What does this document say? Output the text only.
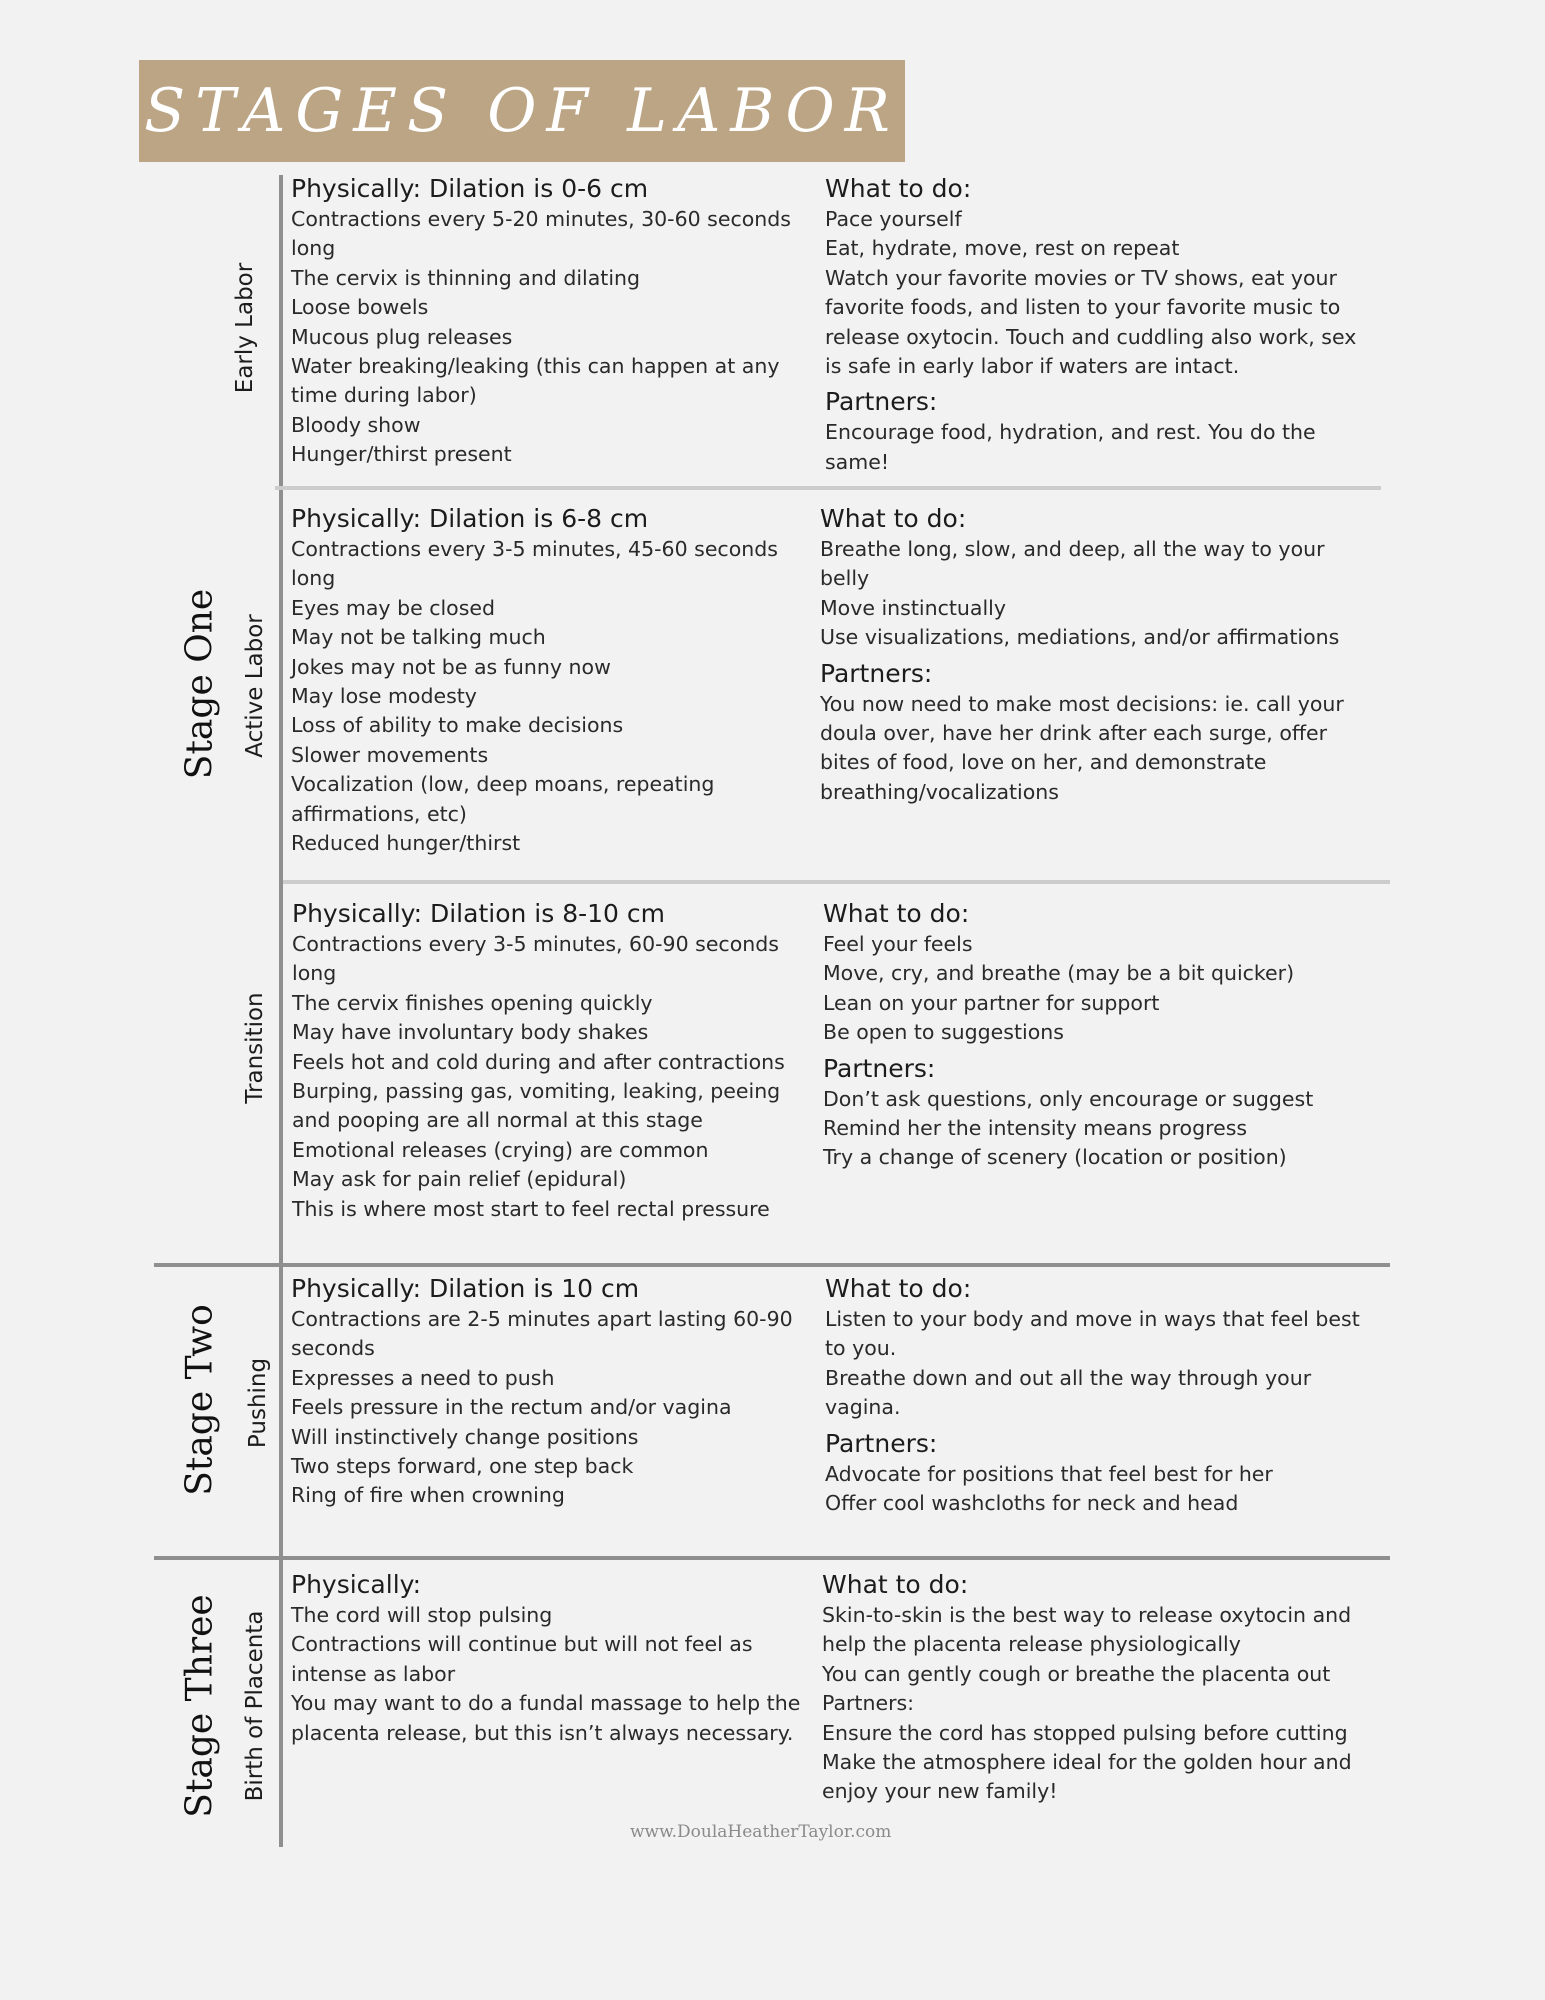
STAGES OF LABOR
Stage One
Stage Two
Stage Three
Early Labor
Active Labor
Transition
Pushing
Birth of Placenta
Physically: Dilation is 0-6 cm
Contractions every 5-20 minutes, 30-60 seconds
long
The cervix is thinning and dilating
Loose bowels
Mucous plug releases
Water breaking/leaking (this can happen at any
time during labor)
Bloody show
Hunger/thirst present
What to do:
Pace yourself
Eat, hydrate, move, rest on repeat
Watch your favorite movies or TV shows, eat your
favorite foods, and listen to your favorite music to
release oxytocin. Touch and cuddling also work, sex
is safe in early labor if waters are intact.
Partners:
Encourage food, hydration, and rest. You do the
same!
Physically: Dilation is 6-8 cm
Contractions every 3-5 minutes, 45-60 seconds
long
Eyes may be closed
May not be talking much
Jokes may not be as funny now
May lose modesty
Loss of ability to make decisions
Slower movements
Vocalization (low, deep moans, repeating
affirmations, etc)
Reduced hunger/thirst
What to do:
Breathe long, slow, and deep, all the way to your
belly
Move instinctually
Use visualizations, mediations, and/or affirmations
Partners:
You now need to make most decisions: ie. call your
doula over, have her drink after each surge, offer
bites of food, love on her, and demonstrate
breathing/vocalizations
Physically: Dilation is 8-10 cm
Contractions every 3-5 minutes, 60-90 seconds
long
The cervix finishes opening quickly
May have involuntary body shakes
Feels hot and cold during and after contractions
Burping, passing gas, vomiting, leaking, peeing
and pooping are all normal at this stage
Emotional releases (crying) are common
May ask for pain relief (epidural)
This is where most start to feel rectal pressure
What to do:
Feel your feels
Move, cry, and breathe (may be a bit quicker)
Lean on your partner for support
Be open to suggestions
Partners:
Don’t ask questions, only encourage or suggest
Remind her the intensity means progress
Try a change of scenery (location or position)
Physically: Dilation is 10 cm
Contractions are 2-5 minutes apart lasting 60-90
seconds
Expresses a need to push
Feels pressure in the rectum and/or vagina
Will instinctively change positions
Two steps forward, one step back
Ring of fire when crowning
What to do:
Listen to your body and move in ways that feel best
to you.
Breathe down and out all the way through your
vagina.
Partners:
Advocate for positions that feel best for her
Offer cool washcloths for neck and head
Physically:
The cord will stop pulsing
Contractions will continue but will not feel as
intense as labor
You may want to do a fundal massage to help the
placenta release, but this isn’t always necessary.
What to do:
Skin-to-skin is the best way to release oxytocin and
help the placenta release physiologically
You can gently cough or breathe the placenta out
Partners:
Ensure the cord has stopped pulsing before cutting
Make the atmosphere ideal for the golden hour and
enjoy your new family!
www.DoulaHeatherTaylor.com
